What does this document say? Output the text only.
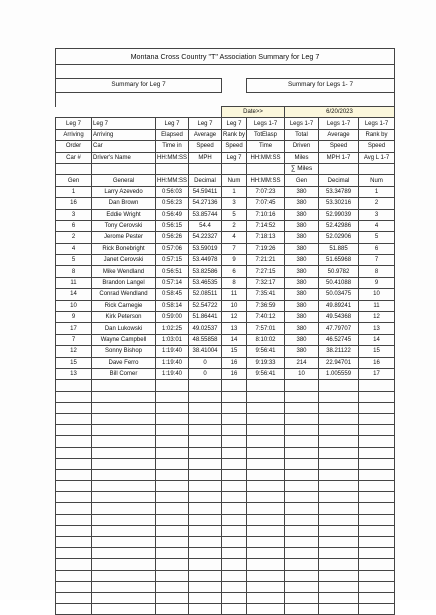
Montana Cross Country "T" Association Summary for Leg 7								

Summary for Leg 7					Summary for Legs 1- 7			

				Date>>		6/20/2023		
Leg 7	Leg 7	Leg 7	Leg 7	Leg 7	Legs 1-7	Legs 1-7	Legs 1-7	Legs 1-7
Arriving	Arriving	Elapsed	Average	Rank by	TotElasp	Total	Average	Rank by
Order	Car	Time in	Speed	Speed	Time	Driven	Speed	Speed
Car #	Driver's Name	HH:MM:SS	MPH	Leg 7	HH:MM:SS	Miles	MPH 1-7	Avg L 1-7
						∑ Miles		
Gen	General	HH:MM:SS	Decimal	Num	HH:MM:SS	Gen	Decimal	Num
1	Larry Azevedo	0:56:03	54.59411	1	7:07:23	380	53.34789	1
16	Dan Brown	0:56:23	54.27136	3	7:07:45	380	53.30216	2
3	Eddie Wright	0:56:49	53.85744	5	7:10:16	380	52.99039	3
6	Tony Cerovski	0:56:15	54.4	2	7:14:52	380	52.42986	4
2	Jerome Pester	0:56:26	54.22327	4	7:18:13	380	52.02906	5
4	Rick Bonebright	0:57:06	53.59019	7	7:19:26	380	51.885	6
5	Janet Cerovski	0:57:15	53.44978	9	7:21:21	380	51.65968	7
8	Mike Wendland	0:56:51	53.82586	6	7:27:15	380	50.9782	8
11	Brandon Langel	0:57:14	53.46535	8	7:32:17	380	50.41088	9
14	Conrad Wendland	0:58:45	52.08511	11	7:35:41	380	50.03475	10
10	Rick Carnegie	0:58:14	52.54722	10	7:36:59	380	49.89241	11
9	Kirk Peterson	0:59:00	51.86441	12	7:40:12	380	49.54368	12
17	Dan Lukowski	1:02:25	49.02537	13	7:57:01	380	47.79707	13
7	Wayne Campbell	1:03:01	48.55858	14	8:10:02	380	46.52745	14
12	Sonny Bishop	1:19:40	38.41004	15	9:56:41	380	38.21122	15
15	Dave Ferro	1:19:40	0	16	9:19:33	214	22.94701	16
13	Bill Comer	1:19:40	0	16	9:56:41	10	1.005559	17
